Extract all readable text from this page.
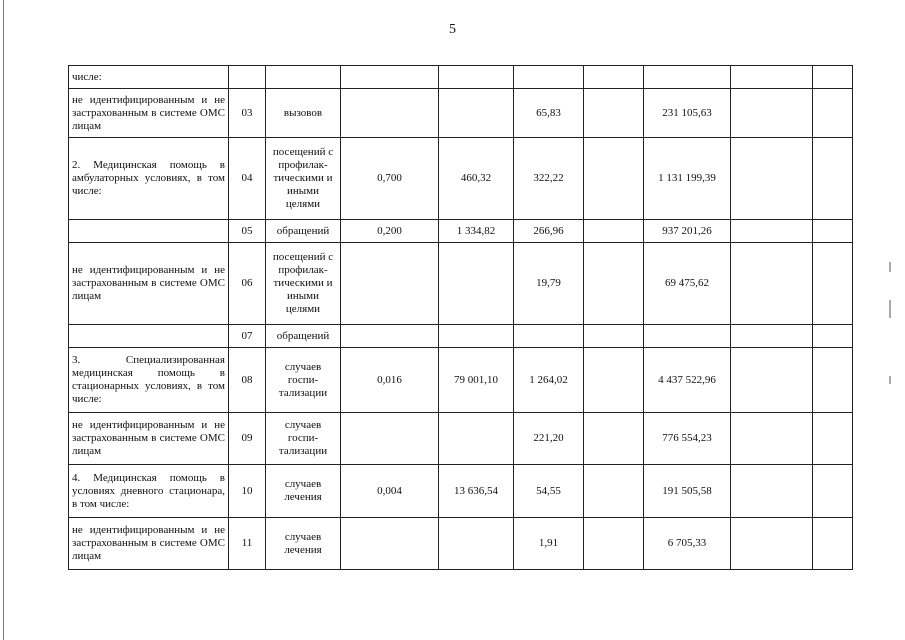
5
числе:									
не идентифицированным и не застрахованным в системе ОМС лицам	03	вызовов			65,83		231 105,63		
2. Медицинская помощь в амбулаторных условиях, в том числе:	04	посещений с профилак-тическими и иными целями	0,700	460,32	322,22		1 131 199,39		
	05	обращений	0,200	1 334,82	266,96		937 201,26		
не идентифицированным и не застрахованным в системе ОМС лицам	06	посещений с профилак-тическими и иными целями			19,79		69 475,62		
	07	обращений							
3. Специализированная медицинская помощь в стационарных условиях, в том числе:	08	случаев госпи-тализации	0,016	79 001,10	1 264,02		4 437 522,96		
не идентифицированным и не застрахованным в системе ОМС лицам	09	случаев госпи-тализации			221,20		776 554,23		
4. Медицинская помощь в условиях дневного стационара, в том числе:	10	случаев лечения	0,004	13 636,54	54,55		191 505,58		
не идентифицированным и не застрахованным в системе ОМС лицам	11	случаев лечения			1,91		6 705,33		
